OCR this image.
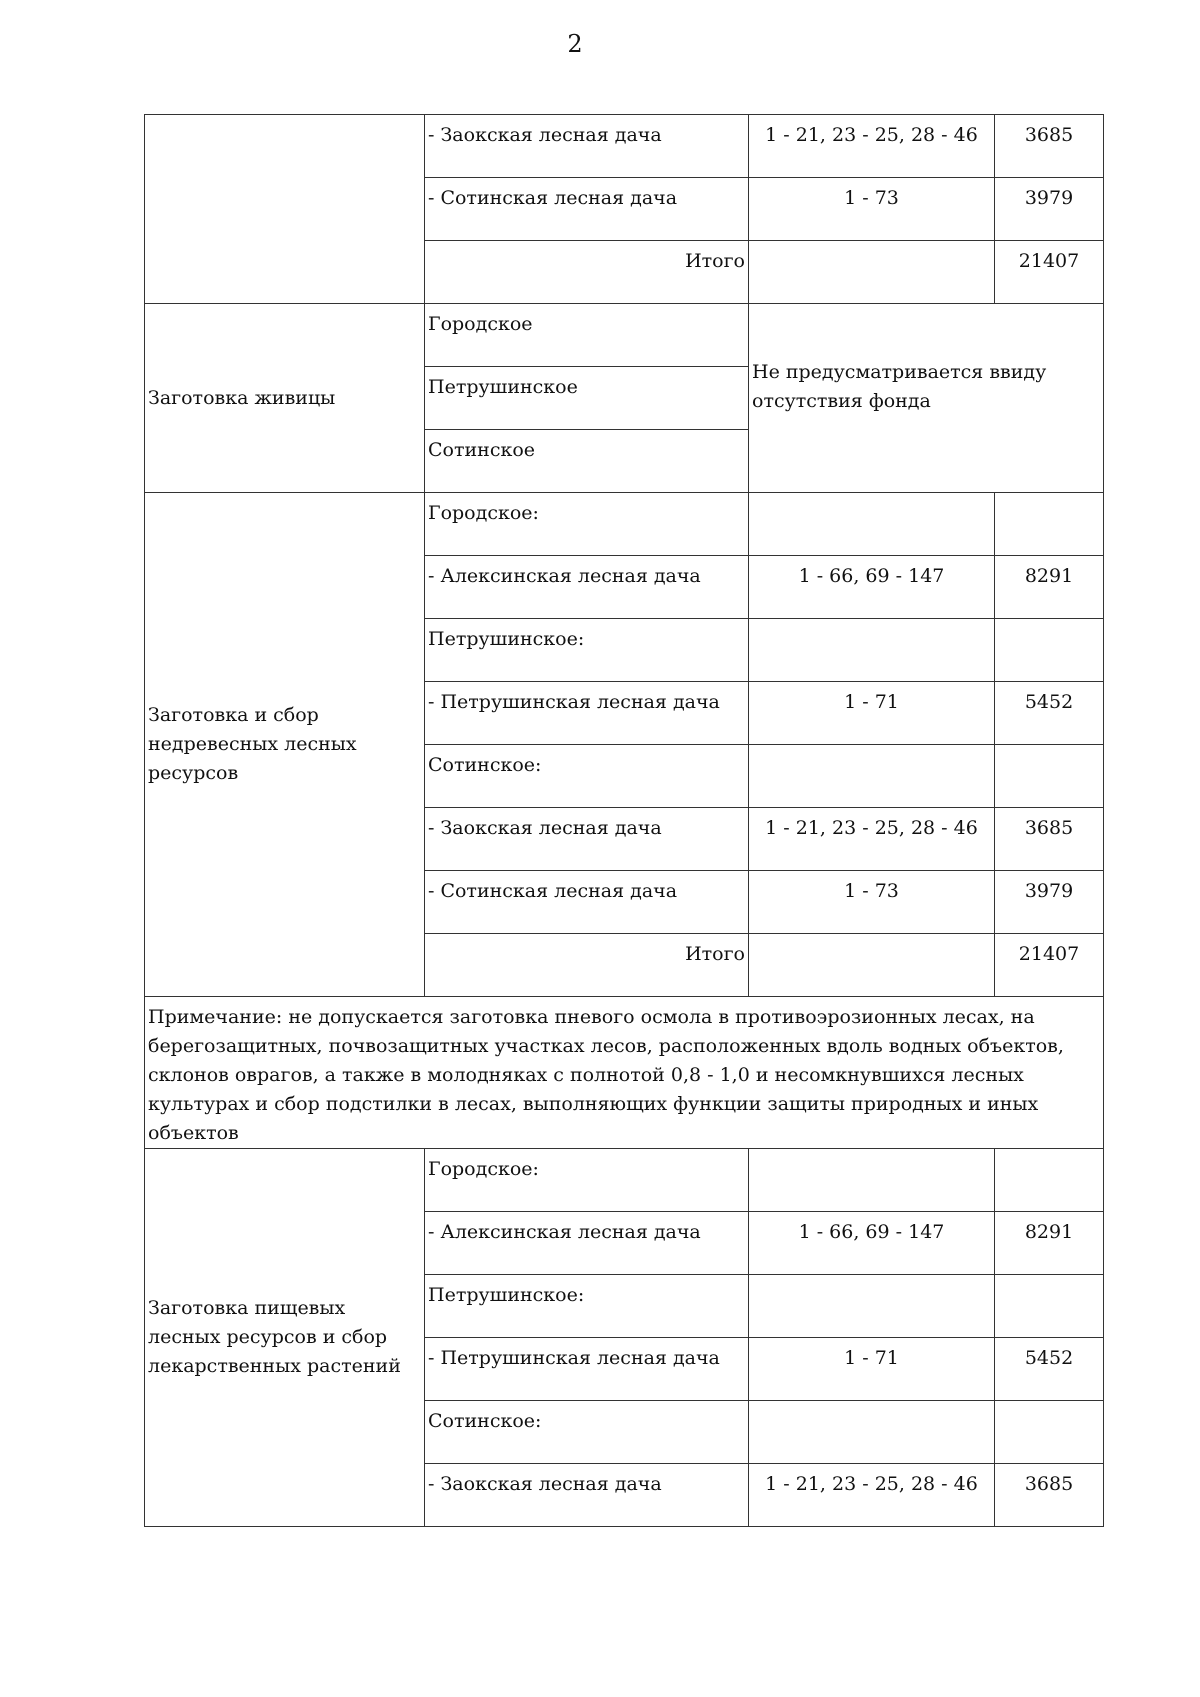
2

	- Заокская лесная дача	1 - 21, 23 - 25, 28 - 46	3685

	- Сотинская лесная дача	1 - 73	3979

	Итого		21407

Заготовка живицы	Городское	Не предусматривается ввиду отсутствия фонда	

	Петрушинское		

	Сотинское		

Заготовка и сбор недревесных лесных ресурсов	Городское:		

	- Алексинская лесная дача	1 - 66, 69 - 147	8291

	Петрушинское:		

	- Петрушинская лесная дача	1 - 71	5452

	Сотинское:		

	- Заокская лесная дача	1 - 21, 23 - 25, 28 - 46	3685

	- Сотинская лесная дача	1 - 73	3979

	Итого		21407

Примечание: не допускается заготовка пневого осмола в противоэрозионных лесах, на берегозащитных, почвозащитных участках лесов, расположенных вдоль водных объектов, склонов оврагов, а также в молодняках с полнотой 0,8 - 1,0 и несомкнувшихся лесных культурах и сбор подстилки в лесах, выполняющих функции защиты природных и иных объектов			

Заготовка пищевых лесных ресурсов и сбор лекарственных растений	Городское:		

	- Алексинская лесная дача	1 - 66, 69 - 147	8291

	Петрушинское:		

	- Петрушинская лесная дача	1 - 71	5452

	Сотинское:		

	- Заокская лесная дача	1 - 21, 23 - 25, 28 - 46	3685
